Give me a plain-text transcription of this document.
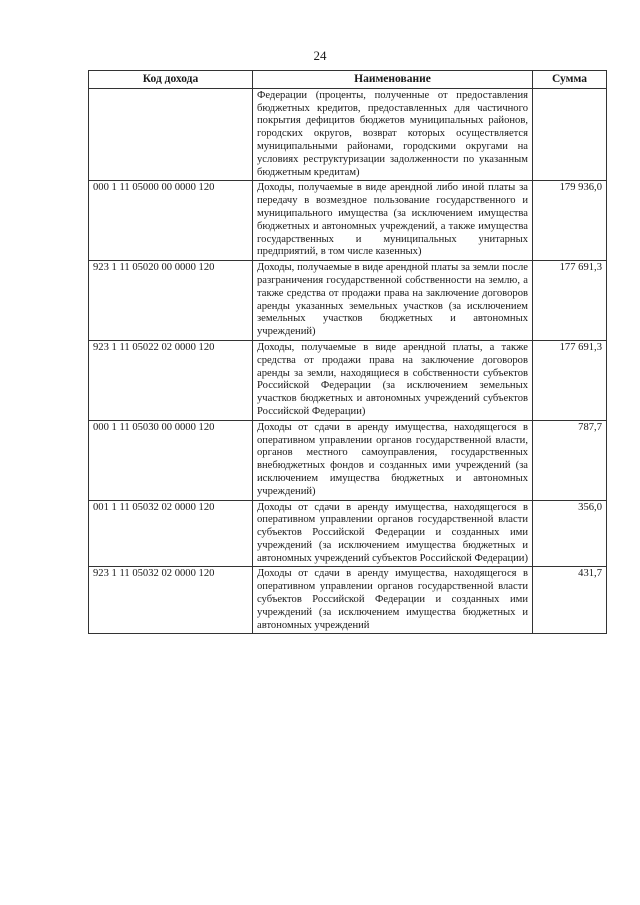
24
Код дохода	Наименование	Сумма
	Федерации (проценты, полученные от предоставления бюджетных кредитов, предоставленных для частичного покрытия дефицитов бюджетов муниципальных районов, городских округов, возврат которых осуществляется муниципальными районами, городскими округами на условиях реструктуризации задолженности по указанным бюджетным кредитам)	
000 1 11 05000 00 0000 120	Доходы, получаемые в виде арендной либо иной платы за передачу в возмездное пользование государственного и муниципального имущества (за исключением имущества бюджетных и автономных учреждений, а также имущества государственных и муниципальных унитарных предприятий, в том числе казенных)	179 936,0
923 1 11 05020 00 0000 120	Доходы, получаемые в виде арендной платы за земли после разграничения государственной собственности на землю, а также средства от продажи права на заключение договоров аренды указанных земельных участков (за исключением земельных участков бюджетных и автономных учреждений)	177 691,3
923 1 11 05022 02 0000 120	Доходы, получаемые в виде арендной платы, а также средства от продажи права на заключение договоров аренды за земли, находящиеся в собственности субъектов Российской Федерации (за исключением земельных участков бюджетных и автономных учреждений субъектов Российской Федерации)	177 691,3
000 1 11 05030 00 0000 120	Доходы от сдачи в аренду имущества, находящегося в оперативном управлении органов государственной власти, органов местного самоуправления, государственных внебюджетных фондов и созданных ими учреждений (за исключением имущества бюджетных и автономных учреждений)	787,7
001 1 11 05032 02 0000 120	Доходы от сдачи в аренду имущества, находящегося в оперативном управлении органов государственной власти субъектов Российской Федерации и созданных ими учреждений (за исключением имущества бюджетных и автономных учреждений субъектов Российской Федерации)	356,0
923 1 11 05032 02 0000 120	Доходы от сдачи в аренду имущества, находящегося в оперативном управлении органов государственной власти субъектов Российской Федерации и созданных ими учреждений (за исключением имущества бюджетных и автономных учреждений	431,7
